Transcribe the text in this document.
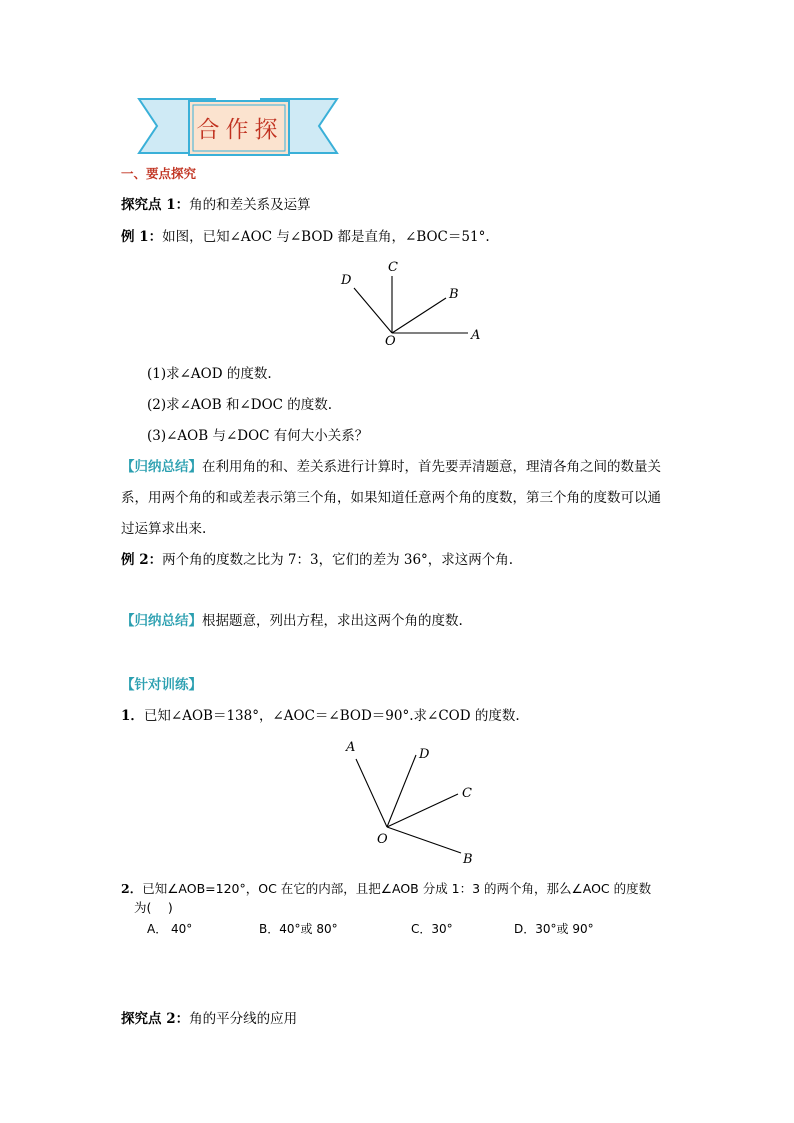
合作探
一、要点探究
探究点 1：角的和差关系及运算
例 1：如图，已知∠AOC 与∠BOD 都是直角，∠BOC＝51°.
D
C
B
O	A
(1)求∠AOD 的度数.
(2)求∠AOB 和∠DOC 的度数.
(3)∠AOB 与∠DOC 有何大小关系？
【归纳总结】在利用角的和、差关系进行计算时，首先要弄清题意，理清各角之间的数量关
系，用两个角的和或差表示第三个角，如果知道任意两个角的度数，第三个角的度数可以通
过运算求出来.
例 2：两个角的度数之比为 7：3，它们的差为 36°，求这两个角.
【归纳总结】根据题意，列出方程，求出这两个角的度数.
【针对训练】
1．已知∠AOB＝138°，∠AOC＝∠BOD＝90°.求∠COD 的度数.
A	D
C
O
B
2．已知∠AOB=120°，OC 在它的内部，且把∠AOB 分成 1：3 的两个角，那么∠AOC 的度数
为(　 )
A． 40°	B．40°或 80°	C．30°	D．30°或 90°
探究点 2：角的平分线的应用
